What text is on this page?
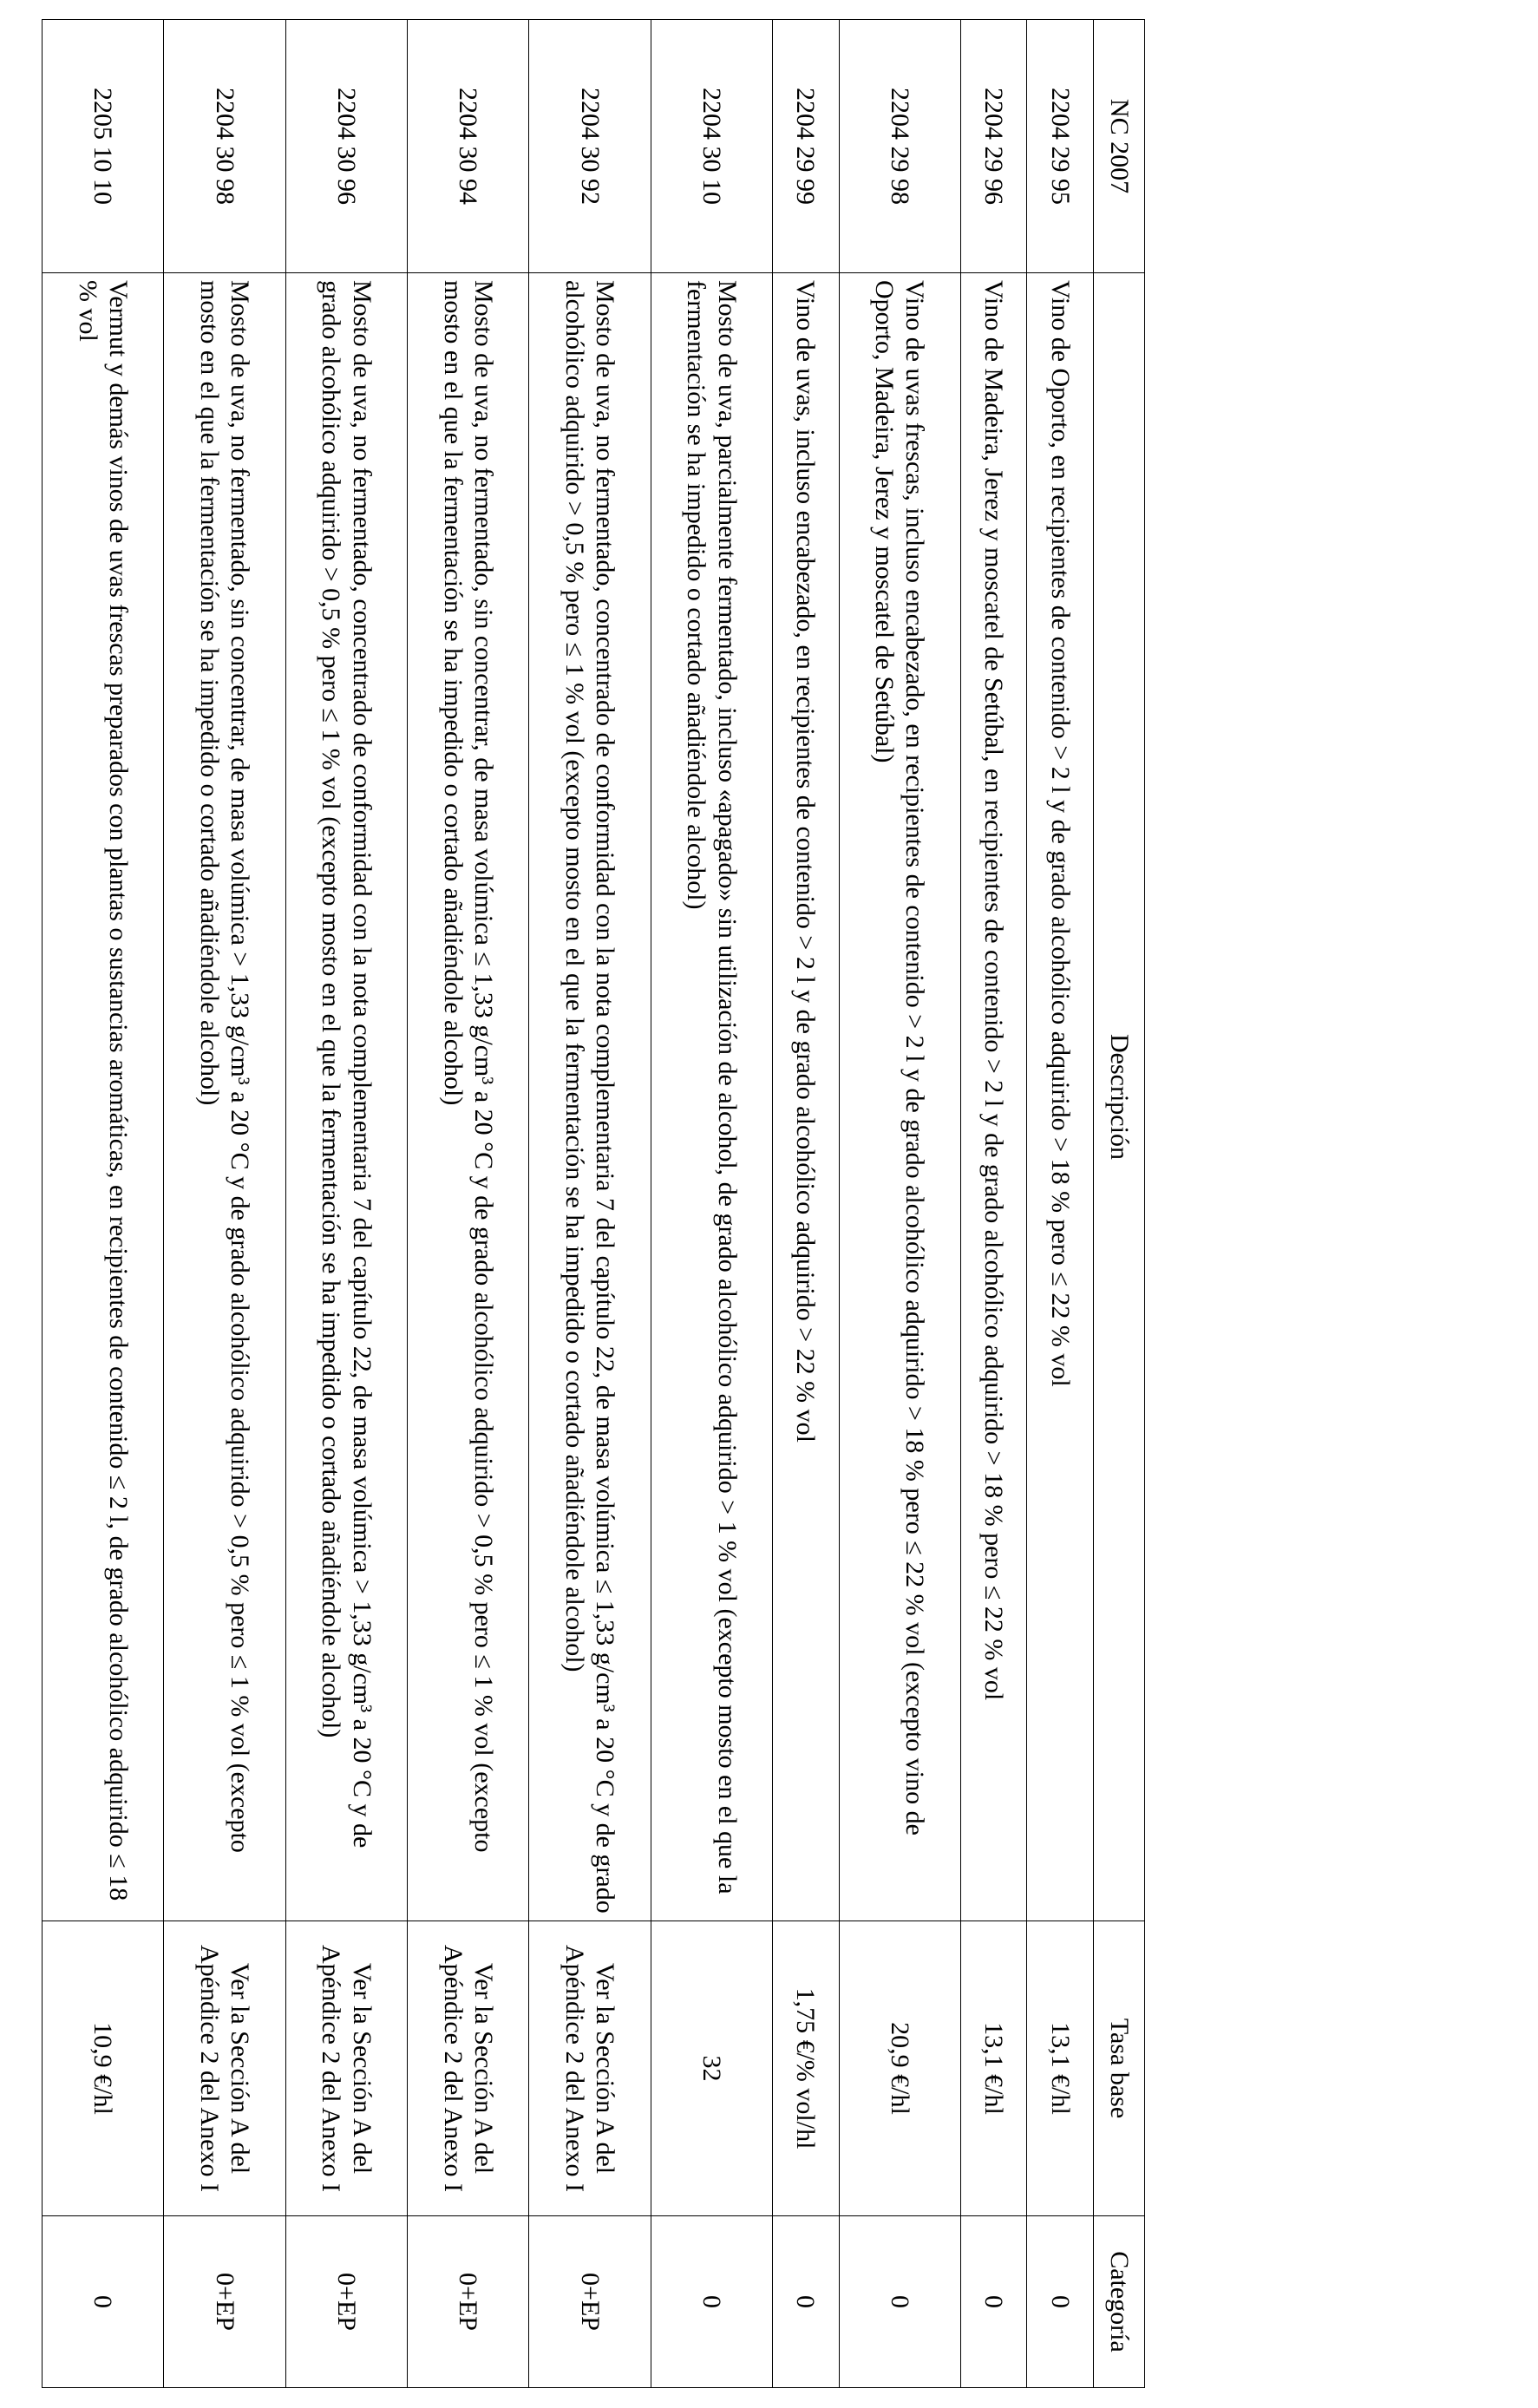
NC 2007	Descripción	Tasa base	Categoría
2204 29 95	Vino de Oporto, en recipientes de contenido > 2 l y de grado alcohólico adquirido > 18 % pero ≤ 22 % vol	13,1 €/hl	0
2204 29 96	Vino de Madeira, Jerez y moscatel de Setúbal, en recipientes de contenido > 2 l y de grado alcohólico adquirido > 18 % pero ≤ 22 % vol	13,1 €/hl	0
2204 29 98	Vino de uvas frescas, incluso encabezado, en recipientes de contenido > 2 l y de grado alcohólico adquirido > 18 % pero ≤ 22 % vol (excepto vino de Oporto, Madeira, Jerez y moscatel de Setúbal)	20,9 €/hl	0
2204 29 99	Vino de uvas, incluso encabezado, en recipientes de contenido > 2 l y de grado alcohólico adquirido > 22 % vol	1,75 €/% vol/hl	0
2204 30 10	Mosto de uva, parcialmente fermentado, incluso «apagado» sin utilización de alcohol, de grado alcohólico adquirido > 1 % vol (excepto mosto en el que la fermentación se ha impedido o cortado añadiéndole alcohol)	32	0
2204 30 92	Mosto de uva, no fermentado, concentrado de conformidad con la nota complementaria 7 del capítulo 22, de masa volúmica ≤ 1,33 g/cm³ a 20 °C y de grado alcohólico adquirido > 0,5 % pero ≤ 1 % vol (excepto mosto en el que la fermentación se ha impedido o cortado añadiéndole alcohol)	Ver la Sección A del Apéndice 2 del Anexo I	0+EP
2204 30 94	Mosto de uva, no fermentado, sin concentrar, de masa volúmica ≤ 1,33 g/cm³ a 20 °C y de grado alcohólico adquirido > 0,5 % pero ≤ 1 % vol (excepto mosto en el que la fermentación se ha impedido o cortado añadiéndole alcohol)	Ver la Sección A del Apéndice 2 del Anexo I	0+EP
2204 30 96	Mosto de uva, no fermentado, concentrado de conformidad con la nota complementaria 7 del capítulo 22, de masa volúmica > 1,33 g/cm³ a 20 °C y de grado alcohólico adquirido > 0,5 % pero ≤ 1 % vol (excepto mosto en el que la fermentación se ha impedido o cortado añadiéndole alcohol)	Ver la Sección A del Apéndice 2 del Anexo I	0+EP
2204 30 98	Mosto de uva, no fermentado, sin concentrar, de masa volúmica > 1,33 g/cm³ a 20 °C y de grado alcohólico adquirido > 0,5 % pero ≤ 1 % vol (excepto mosto en el que la fermentación se ha impedido o cortado añadiéndole alcohol)	Ver la Sección A del Apéndice 2 del Anexo I	0+EP
2205 10 10	Vermut y demás vinos de uvas frescas preparados con plantas o sustancias aromáticas, en recipientes de contenido ≤ 2 l, de grado alcohólico adquirido ≤ 18 % vol	10,9 €/hl	0
